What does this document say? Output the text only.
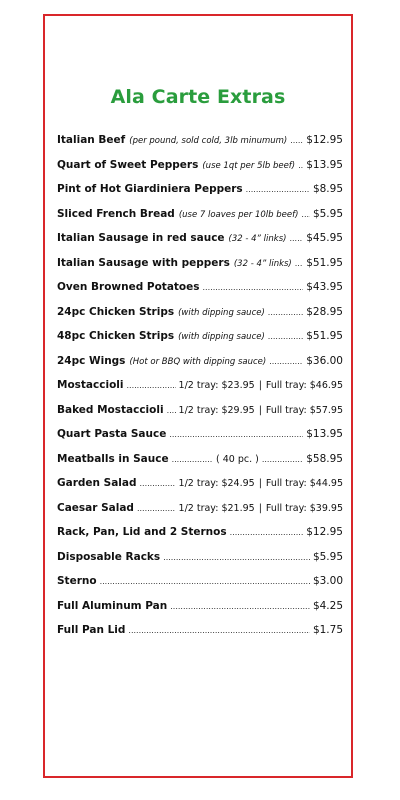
Ala Carte Extras
Italian Beef (per pound, sold cold, 3lb minumum) ..... $12.95
Quart of Sweet Peppers (use 1qt per 5lb beef) ..... $13.95
Pint of Hot Giardiniera Peppers .....	$8.95
Sliced French Bread (use 7 loaves per 10lb beef) ..... $5.95
Italian Sausage in red sauce (32 - 4” links) ..... $45.95
Italian Sausage with peppers (32 - 4” links) ..... $51.95
Oven Browned Potatoes .....	$43.95
24pc Chicken Strips (with dipping sauce) .....	$28.95
48pc Chicken Strips (with dipping sauce) .....	$51.95
24pc Wings (Hot or BBQ with dipping sauce) .....	$36.00
Mostaccioli .....	1/2 tray: $23.95 | Full tray: $46.95
Baked Mostaccioli ..... 1/2 tray: $29.95 | Full tray: $57.95
Quart Pasta Sauce .....	$13.95
Meatballs in Sauce .....	( 40 pc. ) .....	$58.95
Garden Salad .....	1/2 tray: $24.95 | Full tray: $44.95
Caesar Salad .....	1/2 tray: $21.95 | Full tray: $39.95
Rack, Pan, Lid and 2 Sternos .....	$12.95
Disposable Racks .....	$5.95
Sterno .....	$3.00
Full Aluminum Pan .....	$4.25
Full Pan Lid .....	$1.75
